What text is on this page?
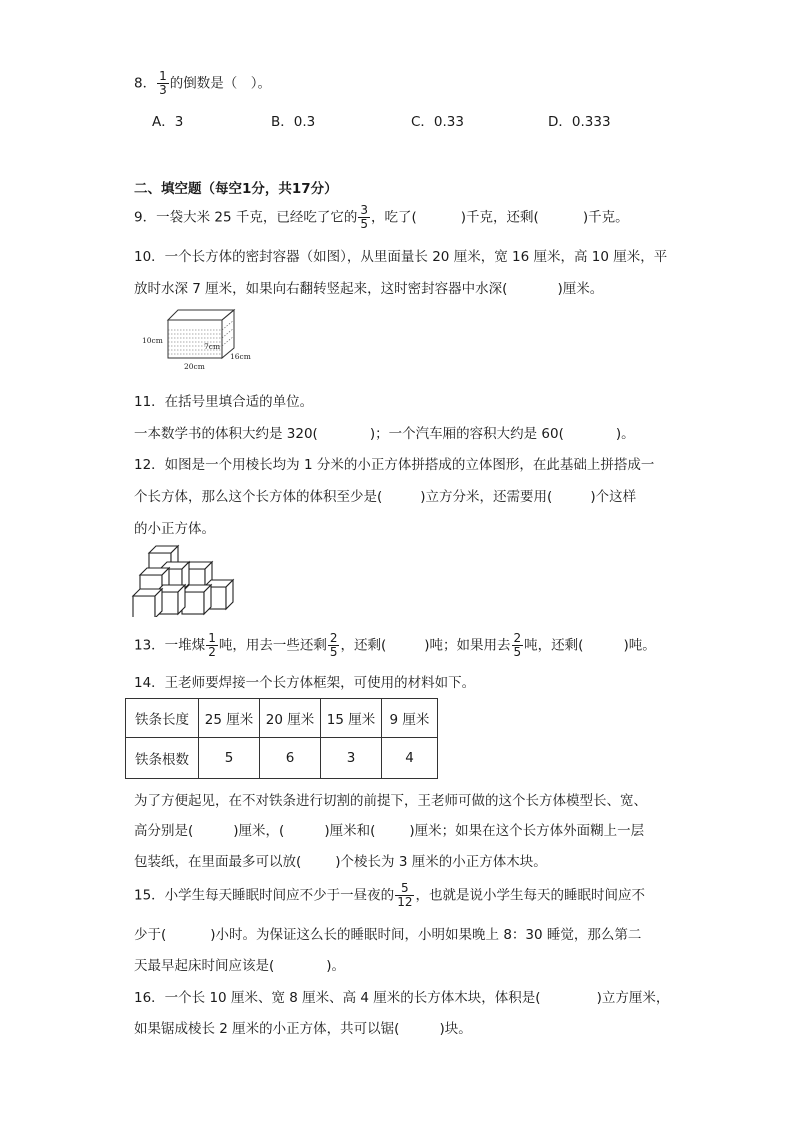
8． $\frac{1}{3}$ 的倒数是（　）。
A．3	B．0.3	C．0.33	D．0.333
二、填空题（每空1分，共17分）
9．一袋大米 25 千克，已经吃了它的 $\frac{3}{5}$ ，吃了(	)千克，还剩(	)千克。
10．一个长方体的密封容器（如图），从里面量长 20 厘米，宽 16 厘米，高 10 厘米，平
放时水深 7 厘米，如果向右翻转竖起来，这时密封容器中水深(	)厘米。
10cm
7cm
16cm
20cm
11．在括号里填合适的单位。
一本数学书的体积大约是 320(	)；一个汽车厢的容积大约是 60(	)。
12．如图是一个用棱长均为 1 分米的小正方体拼搭成的立体图形，在此基础上拼搭成一
个长方体，那么这个长方体的体积至少是(	)立方分米，还需要用(	)个这样
的小正方体。
13．一堆煤 $\frac{1}{2}$ 吨，用去一些还剩 $\frac{2}{5}$ ，还剩(	)吨；如果用去 $\frac{2}{5}$ 吨，还剩(	)吨。
14．王老师要焊接一个长方体框架，可使用的材料如下。
铁条长度	25 厘米	20 厘米	15 厘米	9 厘米
铁条根数	5	6	3	4
为了方便起见，在不对铁条进行切割的前提下，王老师可做的这个长方体模型长、宽、
高分别是(	)厘米，(	)厘米和(	)厘米；如果在这个长方体外面糊上一层
包装纸，在里面最多可以放(	)个棱长为 3 厘米的小正方体木块。
15．小学生每天睡眠时间应不少于一昼夜的 $\frac{5}{12}$ ，也就是说小学生每天的睡眠时间应不
少于(	)小时。为保证这么长的睡眠时间，小明如果晚上 8：30 睡觉，那么第二
天最早起床时间应该是(	)。
16．一个长 10 厘米、宽 8 厘米、高 4 厘米的长方体木块，体积是(	)立方厘米，
如果锯成棱长 2 厘米的小正方体，共可以锯(	)块。
